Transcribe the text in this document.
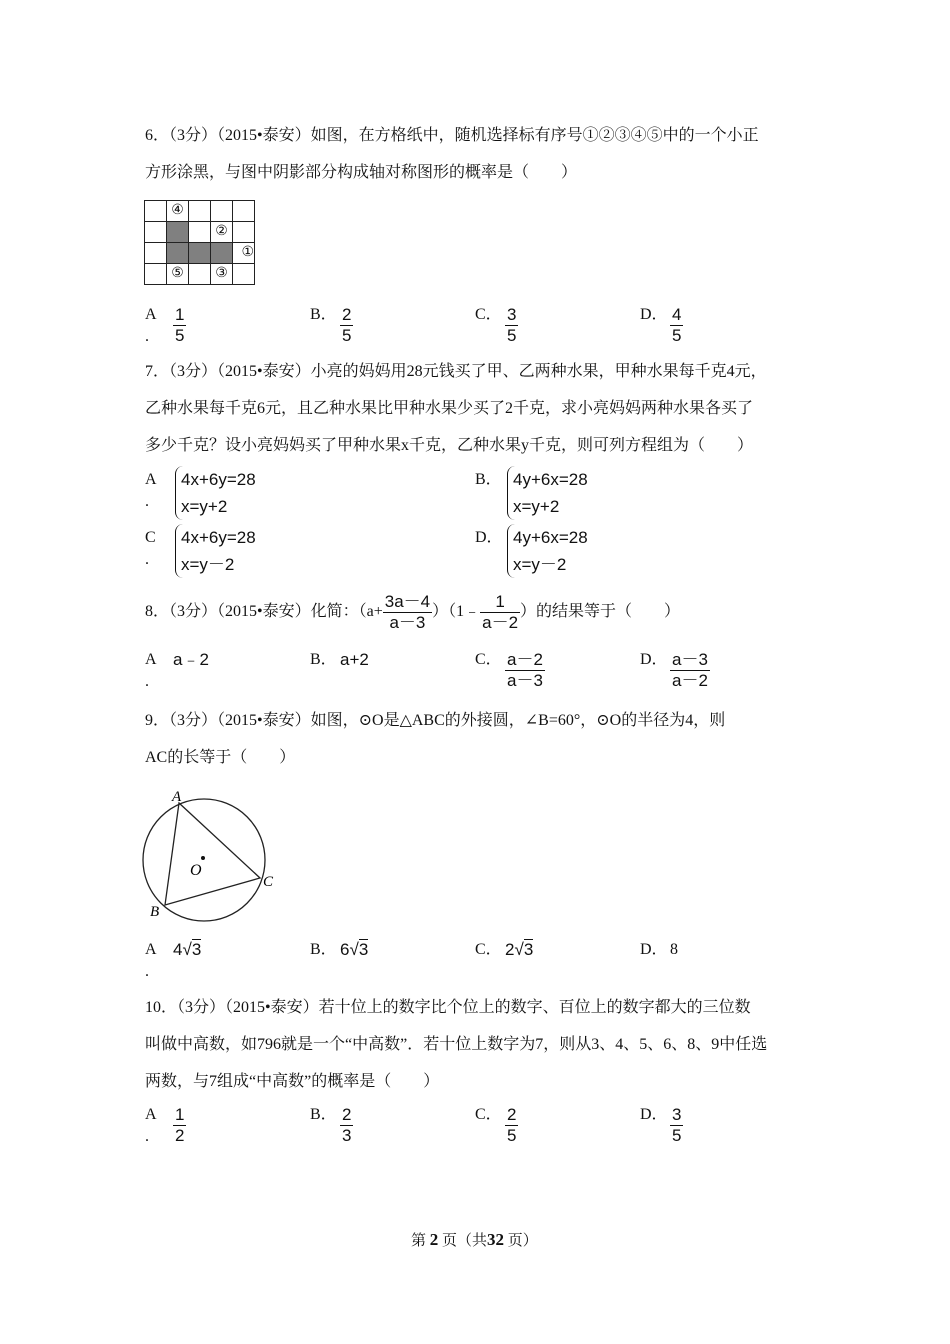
6．（3分）（2015•泰安）如图，在方格纸中，随机选择标有序号①②③④⑤中的一个小正
方形涂黑，与图中阴影部分构成轴对称图形的概率是（　　）
	④			
			②	
				①
	⑤		③	
A
. $\frac{1}{5}$	B． $\frac{2}{5}$	C． $\frac{3}{5}$	D． $\frac{4}{5}$
7．（3分）（2015•泰安）小亮的妈妈用28元钱买了甲、乙两种水果，甲种水果每千克4元，
乙种水果每千克6元，且乙种水果比甲种水果少买了2千克，求小亮妈妈两种水果各买了
多少千克？设小亮妈妈买了甲种水果x千克，乙种水果y千克，则可列方程组为（　　）
A
.
4x+6y=28
x=y+2
B． 4y+6x=28
x=y+2
C
.
4x+6y=28
x=y－2
D． 4y+6x=28
x=y－2
8．（3分）（2015•泰安）化简：（$a+ \frac{3a-4}{a-3}$ ）（1﹣ $\frac{1}{a-2}$ ）的结果等于（　　）
A
.
a﹣2	B． a+2	C． $\frac{a-2}{a-3}$	D． $\frac{a-3}{a-2}$
9．（3分）（2015•泰安）如图，⊙O是△ABC的外接圆，∠B=60°，⊙O的半径为4，则
AC的长等于（　　）
A
B
C
O
A
.
4√3	B． 6√3	C． 2√3	D． 8
10．（3分）（2015•泰安）若十位上的数字比个位上的数字、百位上的数字都大的三位数
叫做中高数，如796就是一个“中高数”．若十位上数字为7，则从3、4、5、6、8、9中任选
两数，与7组成“中高数”的概率是（　　）
A
. $\frac{1}{2}$	B． $\frac{2}{3}$	C． $\frac{2}{5}$	D． $\frac{3}{5}$
第 2 页（共32 页）
